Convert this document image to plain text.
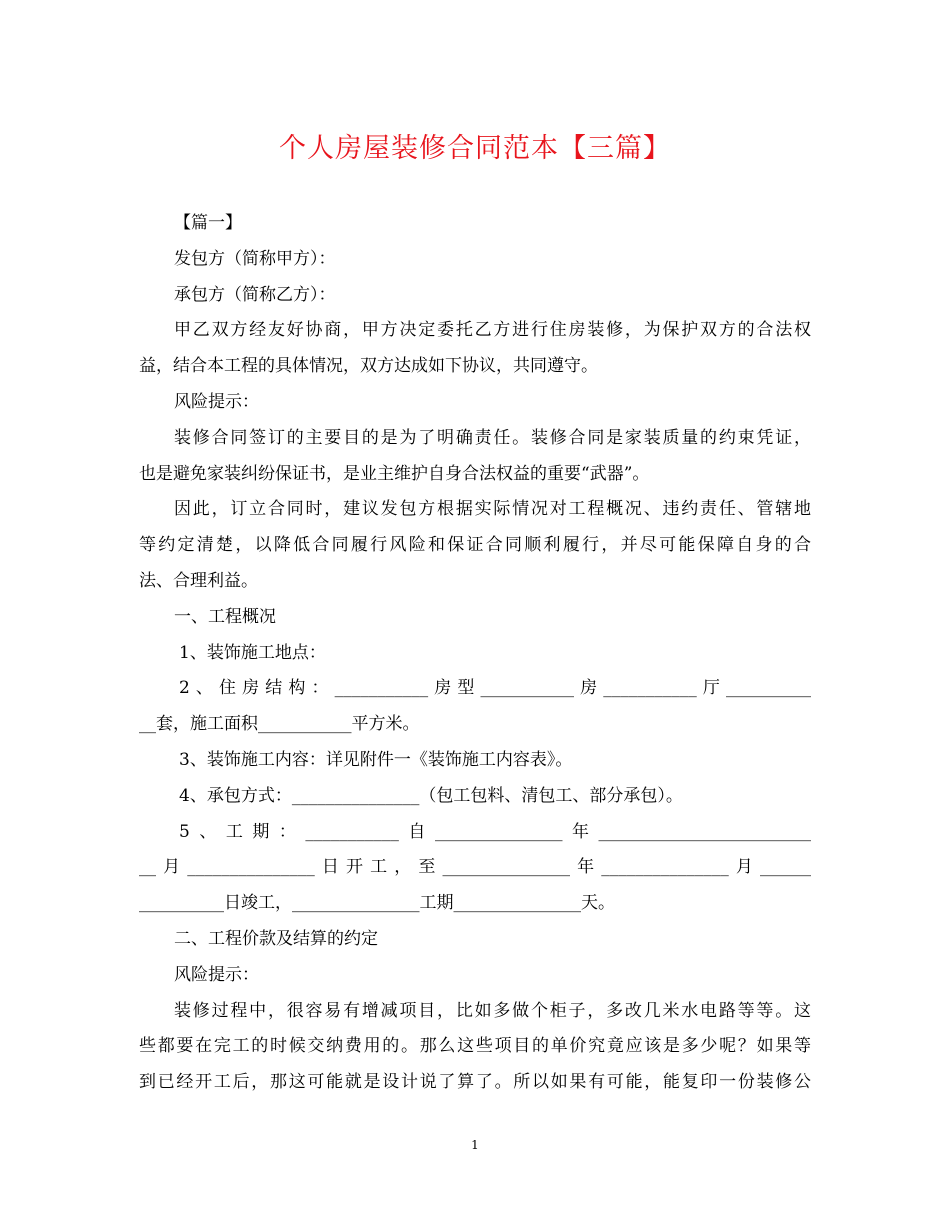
个人房屋装修合同范本【三篇】
【篇一】
发包方（简称甲方）：
承包方（简称乙方）：
甲乙双方经友好协商，甲方决定委托乙方进行住房装修，为保护双方的合法权
益，结合本工程的具体情况，双方达成如下协议，共同遵守。
风险提示：
装修合同签订的主要目的是为了明确责任。装修合同是家装质量的约束凭证，
也是避免家装纠纷保证书，是业主维护自身合法权益的重要“武器”。
因此，订立合同时，建议发包方根据实际情况对工程概况、违约责任、管辖地
等约定清楚，以降低合同履行风险和保证合同顺利履行，并尽可能保障自身的合
法、合理利益。
一、工程概况
1、装饰施工地点：
2、住房结构：___________房型___________房___________厅__________
__套，施工面积___________平方米。
3、装饰施工内容：详见附件一《装饰施工内容表》。
4、承包方式：_______________（包工包料、清包工、部分承包）。
5、工期：___________自_______________年_________________________
__月_______________日开工，至_______________年_______________月______
__________日竣工，_______________工期_______________天。
二、工程价款及结算的约定
风险提示：
装修过程中，很容易有增减项目，比如多做个柜子，多改几米水电路等等。这
些都要在完工的时候交纳费用的。那么这些项目的单价究竟应该是多少呢？如果等
到已经开工后，那这可能就是设计说了算了。所以如果有可能，能复印一份装修公
1
